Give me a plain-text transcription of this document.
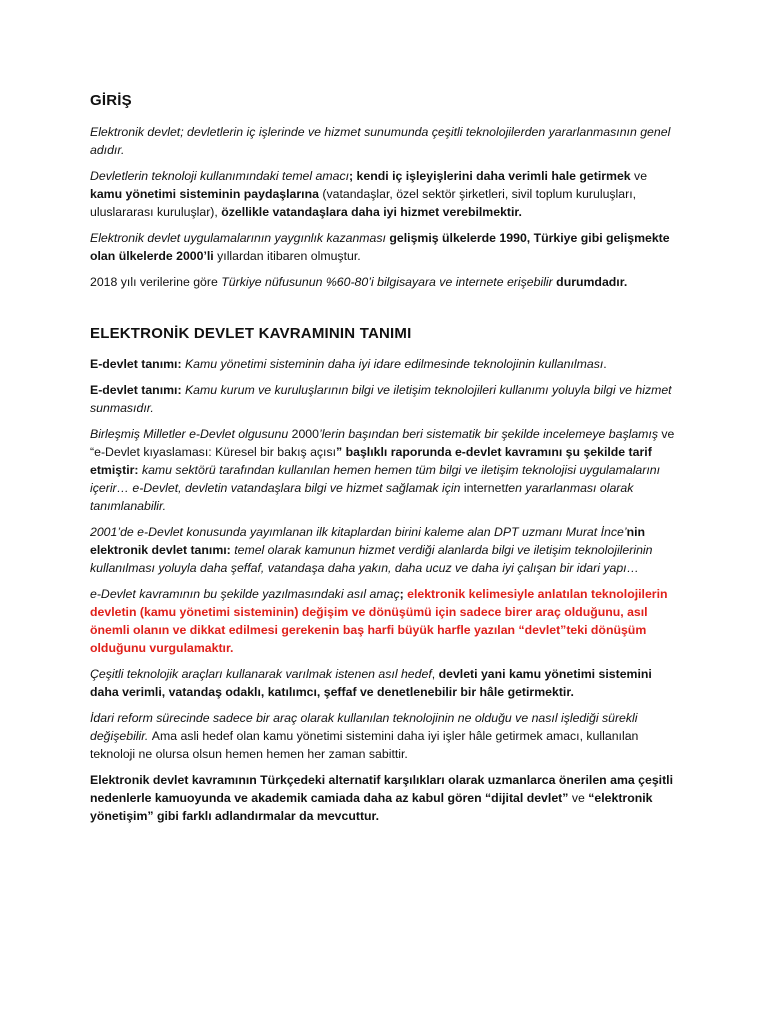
GİRİŞ

Elektronik devlet; devletlerin iç işlerinde ve hizmet sunumunda çeşitli teknolojilerden yararlanmasının genel adıdır.

Devletlerin teknoloji kullanımındaki temel amacı; kendi iç işleyişlerini daha verimli hale getirmek ve kamu yönetimi sisteminin paydaşlarına (vatandaşlar, özel sektör şirketleri, sivil toplum kuruluşları, uluslararası kuruluşlar), özellikle vatandaşlara daha iyi hizmet verebilmektir.

Elektronik devlet uygulamalarının yaygınlık kazanması gelişmiş ülkelerde 1990, Türkiye gibi gelişmekte olan ülkelerde 2000’li yıllardan itibaren olmuştur.

2018 yılı verilerine göre Türkiye nüfusunun %60-80’i bilgisayara ve internete erişebilir durumdadır.

ELEKTRONİK DEVLET KAVRAMININ TANIMI

E-devlet tanımı: Kamu yönetimi sisteminin daha iyi idare edilmesinde teknolojinin kullanılması.

E-devlet tanımı: Kamu kurum ve kuruluşlarının bilgi ve iletişim teknolojileri kullanımı yoluyla bilgi ve hizmet sunmasıdır.

Birleşmiş Milletler e-Devlet olgusunu 2000’lerin başından beri sistematik bir şekilde incelemeye başlamış ve “e-Devlet kıyaslaması: Küresel bir bakış açısı” başlıklı raporunda e-devlet kavramını şu şekilde tarif etmiştir: kamu sektörü tarafından kullanılan hemen hemen tüm bilgi ve iletişim teknolojisi uygulamalarını içerir… e-Devlet, devletin vatandaşlara bilgi ve hizmet sağlamak için internetten yararlanması olarak tanımlanabilir.

2001’de e-Devlet konusunda yayımlanan ilk kitaplardan birini kaleme alan DPT uzmanı Murat İnce’nin elektronik devlet tanımı: temel olarak kamunun hizmet verdiği alanlarda bilgi ve iletişim teknolojilerinin kullanılması yoluyla daha şeffaf, vatandaşa daha yakın, daha ucuz ve daha iyi çalışan bir idari yapı…

e-Devlet kavramının bu şekilde yazılmasındaki asıl amaç; elektronik kelimesiyle anlatılan teknolojilerin devletin (kamu yönetimi sisteminin) değişim ve dönüşümü için sadece birer araç olduğunu, asıl önemli olanın ve dikkat edilmesi gerekenin baş harfi büyük harfle yazılan “devlet”teki dönüşüm olduğunu vurgulamaktır.

Çeşitli teknolojik araçları kullanarak varılmak istenen asıl hedef, devleti yani kamu yönetimi sistemini daha verimli, vatandaş odaklı, katılımcı, şeffaf ve denetlenebilir bir hâle getirmektir.

İdari reform sürecinde sadece bir araç olarak kullanılan teknolojinin ne olduğu ve nasıl işlediği sürekli değişebilir. Ama asli hedef olan kamu yönetimi sistemini daha iyi işler hâle getirmek amacı, kullanılan teknoloji ne olursa olsun hemen hemen her zaman sabittir.

Elektronik devlet kavramının Türkçedeki alternatif karşılıkları olarak uzmanlarca önerilen ama çeşitli nedenlerle kamuoyunda ve akademik camiada daha az kabul gören “dijital devlet” ve “elektronik yönetişim” gibi farklı adlandırmalar da mevcuttur.
